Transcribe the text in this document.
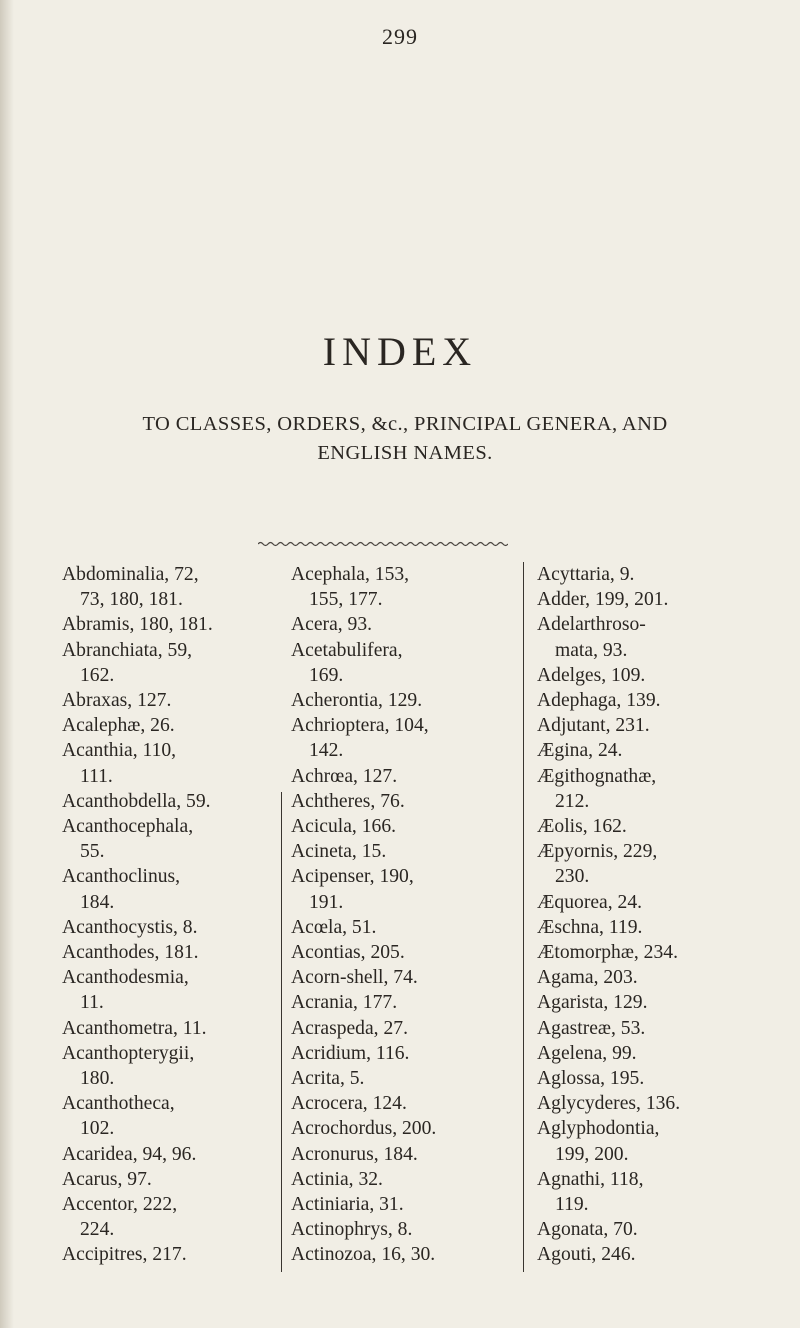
299
INDEX
TO CLASSES, ORDERS, &c., PRINCIPAL GENERA, AND
ENGLISH NAMES.
Abdominalia, 72,
73, 180, 181.
Abramis, 180, 181.
Abranchiata, 59,
162.
Abraxas, 127.
Acalephæ, 26.
Acanthia, 110,
111.
Acanthobdella, 59.
Acanthocephala,
55.
Acanthoclinus,
184.
Acanthocystis, 8.
Acanthodes, 181.
Acanthodesmia,
11.
Acanthometra, 11.
Acanthopterygii,
180.
Acanthotheca,
102.
Acaridea, 94, 96.
Acarus, 97.
Accentor, 222,
224.
Accipitres, 217.
Acephala, 153,
155, 177.
Acera, 93.
Acetabulifera,
169.
Acherontia, 129.
Achrioptera, 104,
142.
Achrœa, 127.
Achtheres, 76.
Acicula, 166.
Acineta, 15.
Acipenser, 190,
191.
Acœla, 51.
Acontias, 205.
Acorn-shell, 74.
Acrania, 177.
Acraspeda, 27.
Acridium, 116.
Acrita, 5.
Acrocera, 124.
Acrochordus, 200.
Acronurus, 184.
Actinia, 32.
Actiniaria, 31.
Actinophrys, 8.
Actinozoa, 16, 30.
Acyttaria, 9.
Adder, 199, 201.
Adelarthroso-
mata, 93.
Adelges, 109.
Adephaga, 139.
Adjutant, 231.
Ægina, 24.
Ægithognathæ,
212.
Æolis, 162.
Æpyornis, 229,
230.
Æquorea, 24.
Æschna, 119.
Ætomorphæ, 234.
Agama, 203.
Agarista, 129.
Agastreæ, 53.
Agelena, 99.
Aglossa, 195.
Aglycyderes, 136.
Aglyphodontia,
199, 200.
Agnathi, 118,
119.
Agonata, 70.
Agouti, 246.
